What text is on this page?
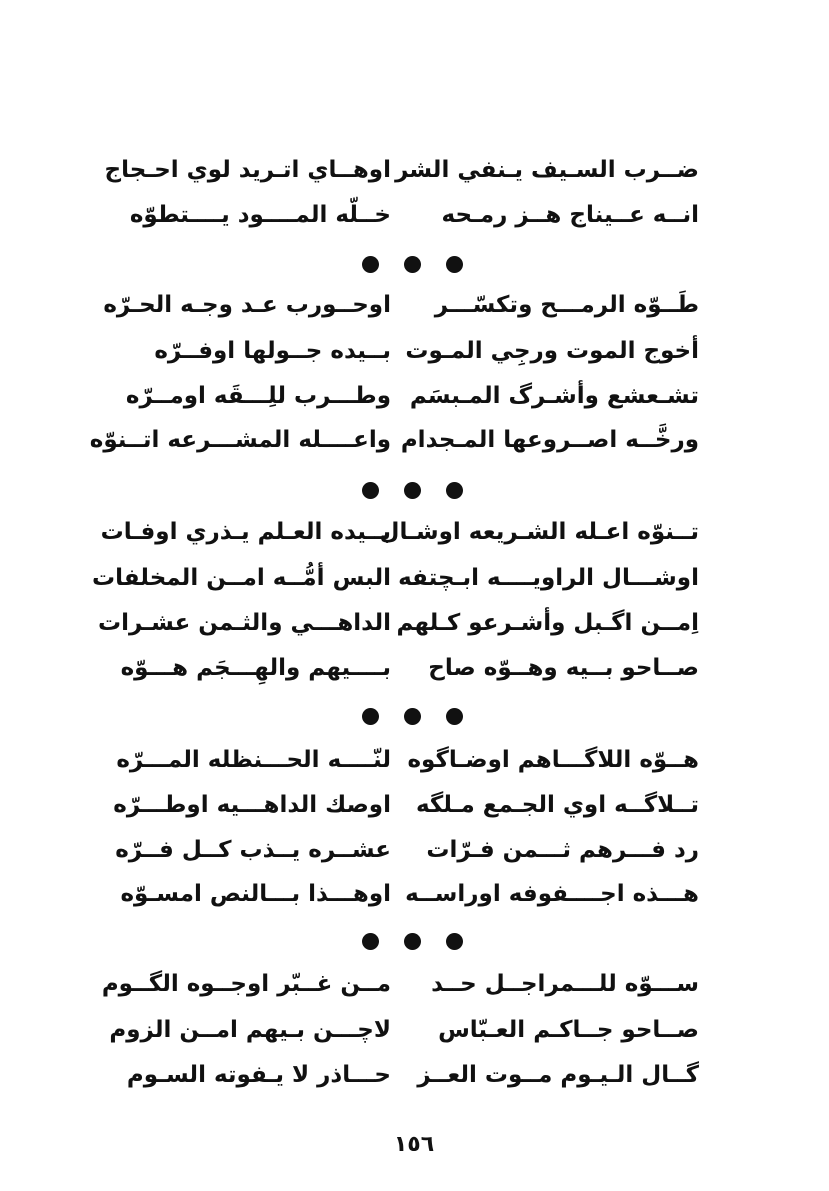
ضــرب السـيف يـنفي الشر
اوهــاي اتـريد لوي احـجاج
انــه عــيناج هــز رمـحه
خــلّه المــــود يــــتطوّه
طَــوّه الرمـــح وتكسّـــر
اوحــورب عـد وجـه الحـرّه
أخوج الموت ورجِي المـوت
بــيده جــولها اوفــرّه
تشـعشع وأشـرگ المـبسَم
وطـــرب للِـــقَه اومــرّه
ورخَّــه اصــروعها المـجدام
واعــــله المشـــرعه اتــنوّه
تــنوّه اعـله الشـريعه اوشـال
بــيده العـلم يـذري اوفـات
اوشـــال الراويــــه ابـچتفه
البس أمُّــه امــن المخلفات
اِمــن اگـبل وأشـرعو كـلهم
الداهـــي والثـمن عشـرات
صــاحو بــيه وهــوّه صاح
بــــيهم والهِـــجَم هـــوّه
هــوّه اللاگـــاهم اوضـاگوه
لنّــــه الحـــنظله المـــرّه
تــلاگــه اوي الجـمع مـلگه
اوصك الداهـــيه اوطـــرّه
رد فـــرهم ثـــمن فـرّات
عشــره يــذب كــل فــرّه
هـــذه اجــــفوفه اوراســه
اوهـــذا بـــالنص امسـوّه
ســـوّه للـــمراجــل حــد
مــن غــبّر اوجــوه الگــوم
صــاحو جــاكـم العـبّاس
لاچـــن بـيهم امــن الزوم
گــال الـيـوم مــوت العــز
حـــاذر لا يـفوته السـوم
١٥٦
